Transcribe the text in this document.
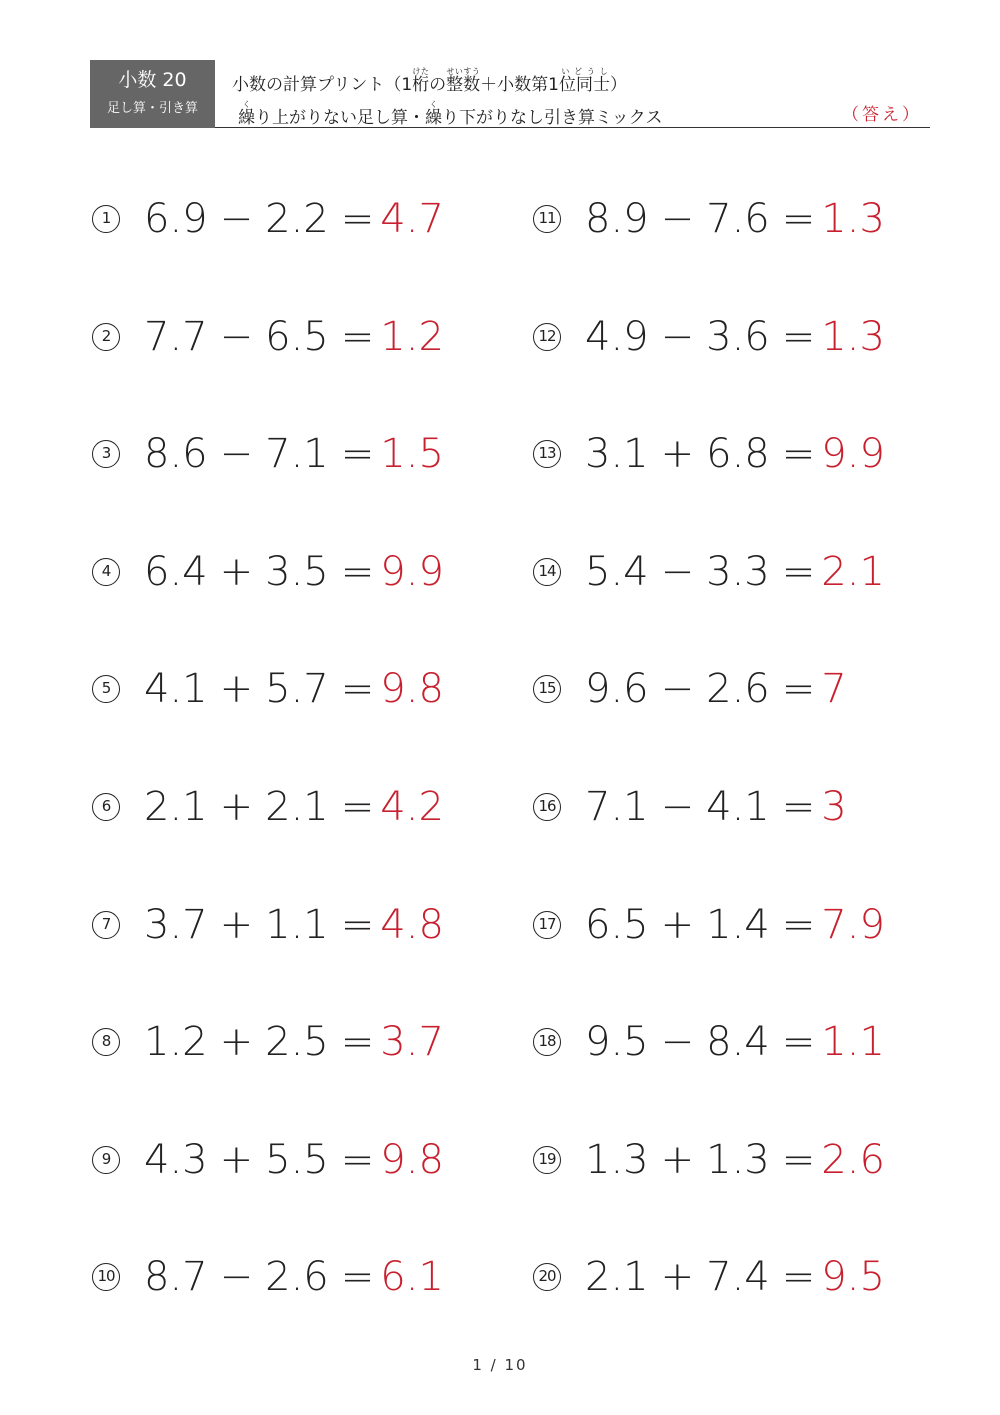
小数 20
足し算・引き算
小数の計算プリント（1桁けたの整数せいすう＋小数第1位同士いどうし）
繰くり上がりない足し算・繰くり下がりなし引き算ミックス	（答え）
1 6.9 − 2.2 = 4.7
2 7.7 − 6.5 = 1.2
3 8.6 − 7.1 = 1.5
4 6.4 + 3.5 = 9.9
5 4.1 + 5.7 = 9.8
6 2.1 + 2.1 = 4.2
7 3.7 + 1.1 = 4.8
8 1.2 + 2.5 = 3.7
9 4.3 + 5.5 = 9.8
10 8.7 − 2.6 = 6.1
11 8.9 − 7.6 = 1.3
12 4.9 − 3.6 = 1.3
13 3.1 + 6.8 = 9.9
14 5.4 − 3.3 = 2.1
15 9.6 − 2.6 = 7
16 7.1 − 4.1 = 3
17 6.5 + 1.4 = 7.9
18 9.5 − 8.4 = 1.1
19 1.3 + 1.3 = 2.6
20 2.1 + 7.4 = 9.5
1 / 10
